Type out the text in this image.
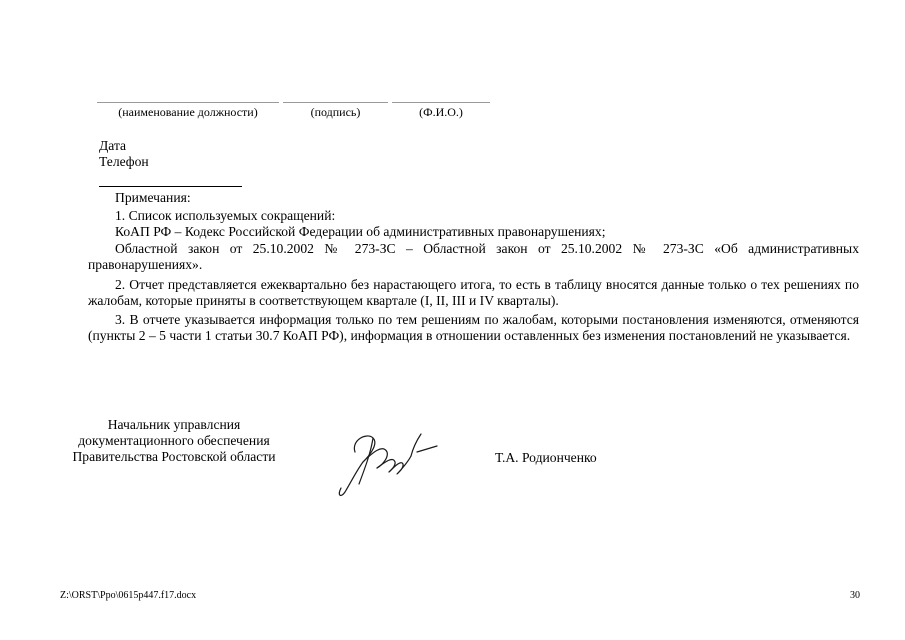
(наименование должности)	(подпись)	(Ф.И.О.)
Дата
Телефон
Примечания:
1. Список используемых сокращений:
КоАП РФ – Кодекс Российской Федерации об административных правонарушениях;
Областной закон от 25.10.2002 № 273-ЗС – Областной закон от 25.10.2002 № 273-ЗС «Об административных правонарушениях».
2. Отчет представляется ежеквартально без нарастающего итога, то есть в таблицу вносятся данные только о тех решениях по жалобам, которые приняты в соответствующем квартале (I, II, III и IV кварталы).
3. В отчете указывается информация только по тем решениям по жалобам, которыми постановления изменяются, отменяются (пункты 2 – 5 части 1 статьи 30.7 КоАП РФ), информация в отношении оставленных без изменения постановлений не указывается.
Начальник управлсния
документационного обеспечения
Правительства Ростовской области	Т.А. Родионченко
Z:\ORST\Ppo\0615p447.f17.docx	30
